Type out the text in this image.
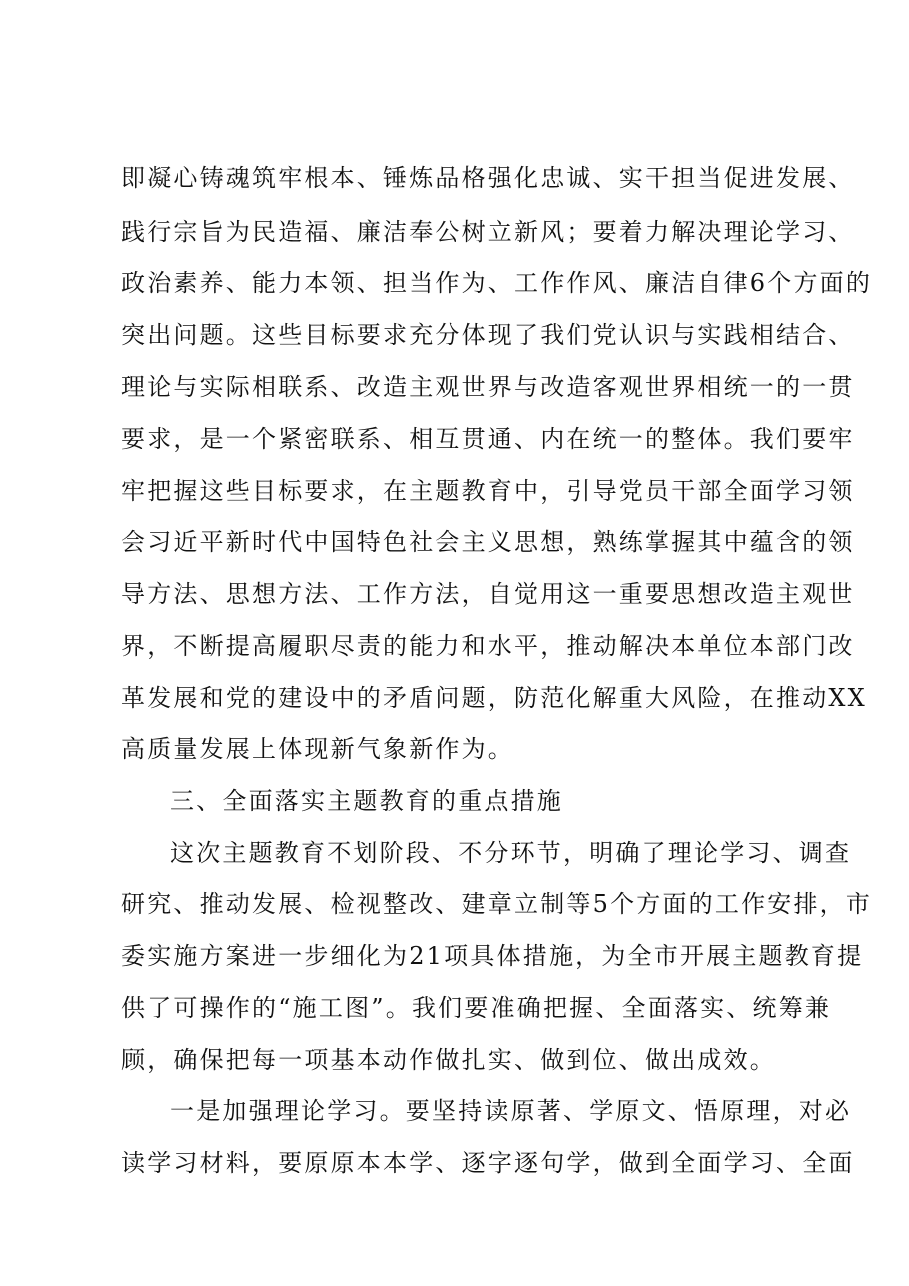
即凝心铸魂筑牢根本、锤炼品格强化忠诚、实干担当促进发展、
践行宗旨为民造福、廉洁奉公树立新风；要着力解决理论学习、
政治素养、能力本领、担当作为、工作作风、廉洁自律6个方面的
突出问题。这些目标要求充分体现了我们党认识与实践相结合、
理论与实际相联系、改造主观世界与改造客观世界相统一的一贯
要求，是一个紧密联系、相互贯通、内在统一的整体。我们要牢
牢把握这些目标要求，在主题教育中，引导党员干部全面学习领
会习近平新时代中国特色社会主义思想，熟练掌握其中蕴含的领
导方法、思想方法、工作方法，自觉用这一重要思想改造主观世
界，不断提高履职尽责的能力和水平，推动解决本单位本部门改
革发展和党的建设中的矛盾问题，防范化解重大风险，在推动XX
高质量发展上体现新气象新作为。
三、全面落实主题教育的重点措施
这次主题教育不划阶段、不分环节，明确了理论学习、调查
研究、推动发展、检视整改、建章立制等5个方面的工作安排，市
委实施方案进一步细化为21项具体措施，为全市开展主题教育提
供了可操作的“施工图”。我们要准确把握、全面落实、统筹兼
顾，确保把每一项基本动作做扎实、做到位、做出成效。
一是加强理论学习。要坚持读原著、学原文、悟原理，对必
读学习材料，要原原本本学、逐字逐句学，做到全面学习、全面
